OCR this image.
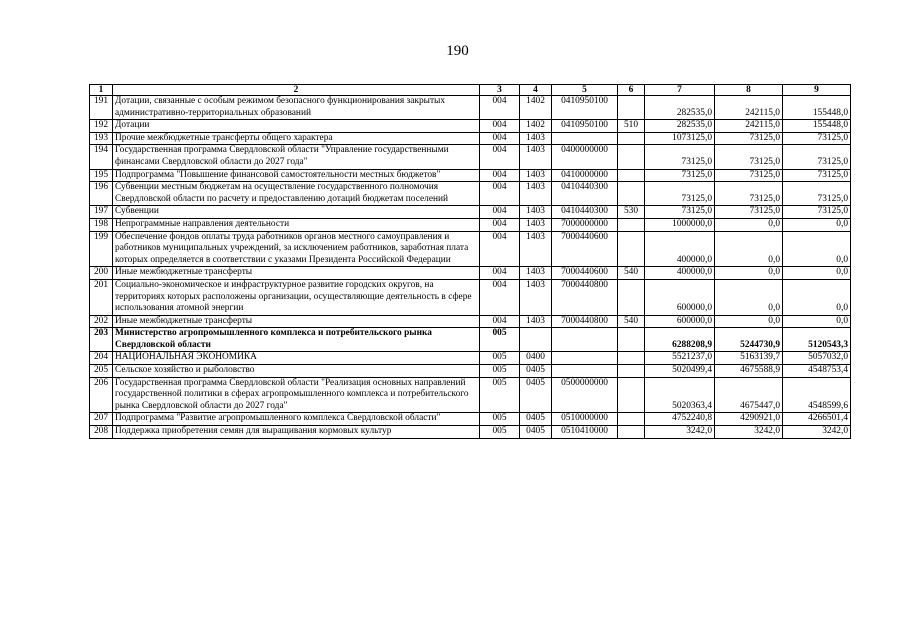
190
1	2	3	4	5	6	7	8	9
191	Дотации, связанные с особым режимом безопасного функционирования закрытых административно-территориальных образований	004	1402	0410950100		282535,0	242115,0	155448,0
192	Дотации	004	1402	0410950100	510	282535,0	242115,0	155448,0
193	Прочие межбюджетные трансферты общего характера	004	1403			1073125,0	73125,0	73125,0
194	Государственная программа Свердловской области "Управление государственными финансами Свердловской области до 2027 года"	004	1403	0400000000		73125,0	73125,0	73125,0
195	Подпрограмма "Повышение финансовой самостоятельности местных бюджетов"	004	1403	0410000000		73125,0	73125,0	73125,0
196	Субвенции местным бюджетам на осуществление государственного полномочия Свердловской области по расчету и предоставлению дотаций бюджетам поселений	004	1403	0410440300		73125,0	73125,0	73125,0
197	Субвенции	004	1403	0410440300	530	73125,0	73125,0	73125,0
198	Непрограммные направления деятельности	004	1403	7000000000		1000000,0	0,0	0,0
199	Обеспечение фондов оплаты труда работников органов местного самоуправления и работников муниципальных учреждений, за исключением работников, заработная плата которых определяется в соответствии с указами Президента Российской Федерации	004	1403	7000440600		400000,0	0,0	0,0
200	Иные межбюджетные трансферты	004	1403	7000440600	540	400000,0	0,0	0,0
201	Социально-экономическое и инфраструктурное развитие городских округов, на территориях которых расположены организации, осуществляющие деятельность в сфере использования атомной энергии	004	1403	7000440800		600000,0	0,0	0,0
202	Иные межбюджетные трансферты	004	1403	7000440800	540	600000,0	0,0	0,0
203	Министерство агропромышленного комплекса и потребительского рынка Свердловской области	005				6288208,9	5244730,9	5120543,3
204	НАЦИОНАЛЬНАЯ ЭКОНОМИКА	005	0400			5521237,0	5163139,7	5057032,0
205	Сельское хозяйство и рыболовство	005	0405			5020499,4	4675588,9	4548753,4
206	Государственная программа Свердловской области "Реализация основных направлений государственной политики в сферах агропромышленного комплекса и потребительского рынка Свердловской области до 2027 года"	005	0405	0500000000		5020363,4	4675447,0	4548599,6
207	Подпрограмма "Развитие агропромышленного комплекса Свердловской области"	005	0405	0510000000		4752240,8	4290921,0	4266501,4
208	Поддержка приобретения семян для выращивания кормовых культур	005	0405	0510410000		3242,0	3242,0	3242,0
